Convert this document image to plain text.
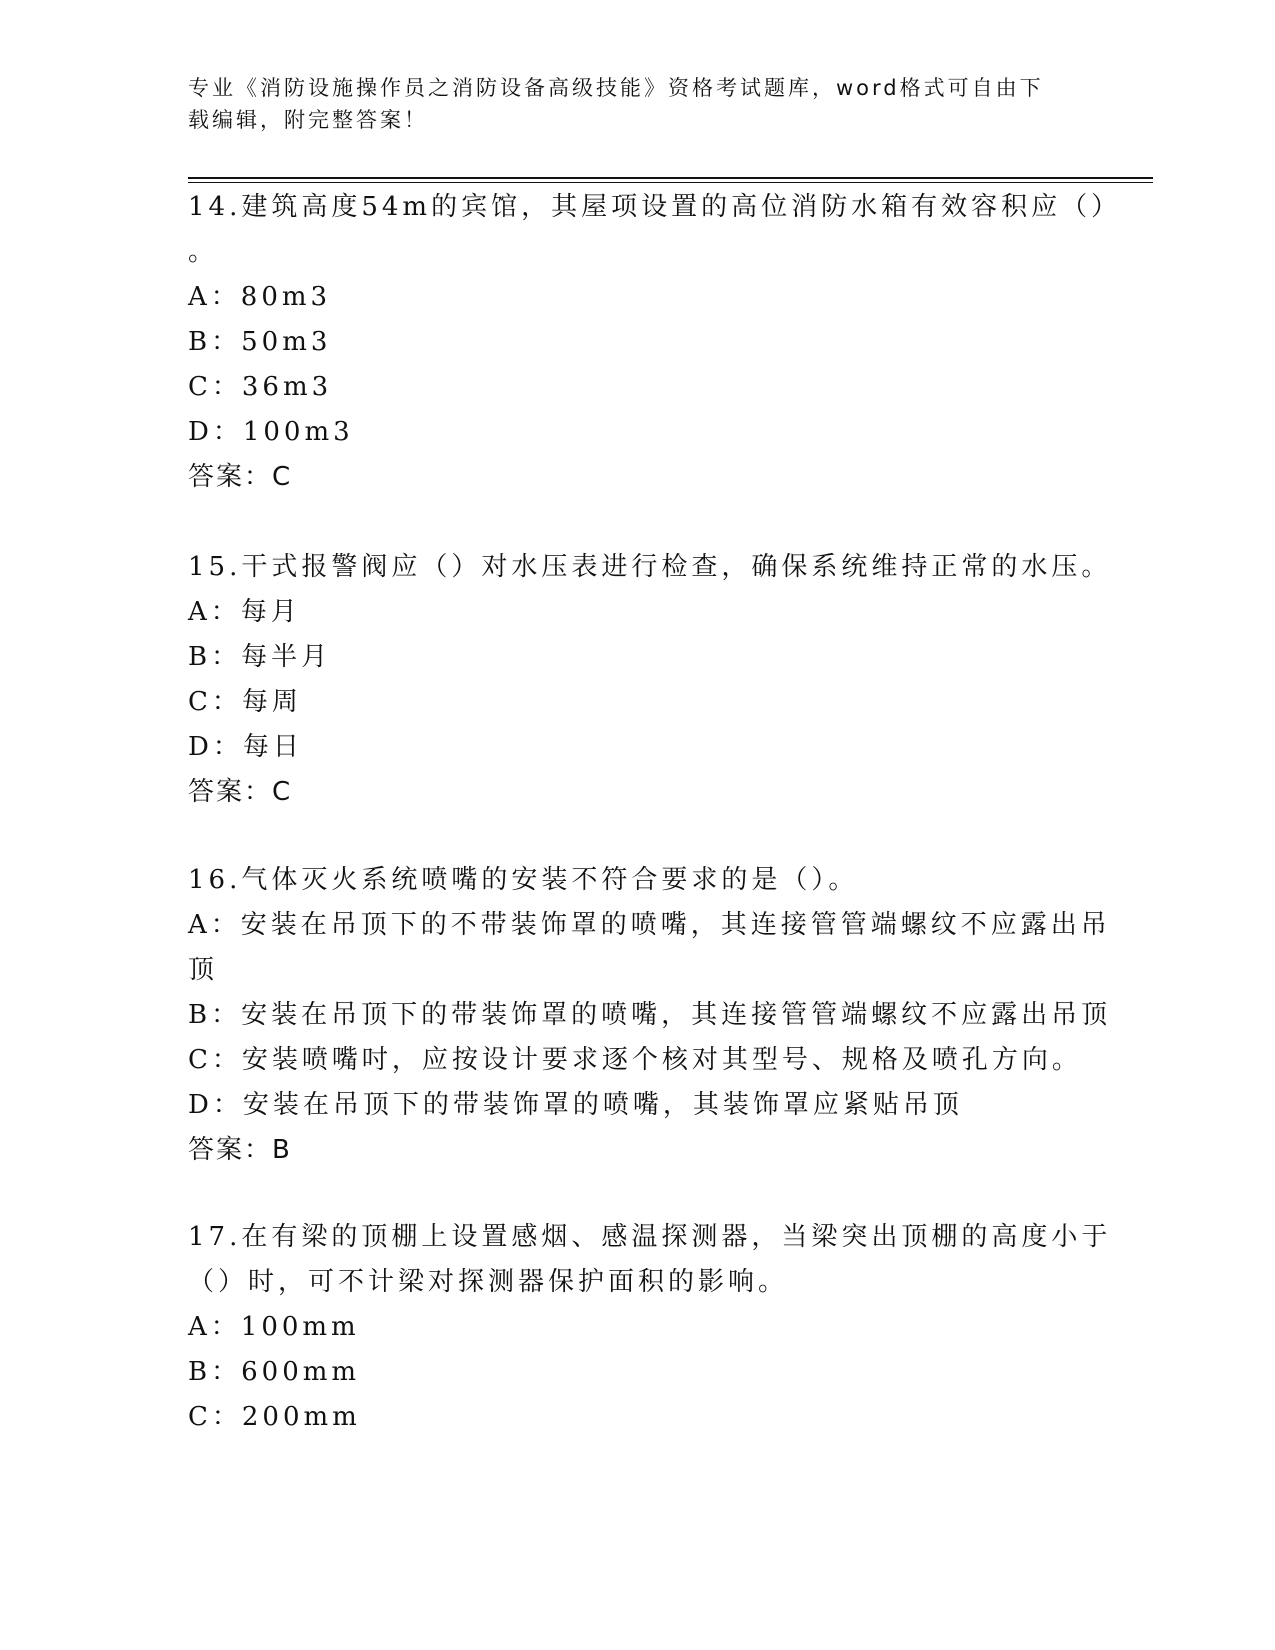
专业《消防设施操作员之消防设备高级技能》资格考试题库，word格式可自由下
载编辑，附完整答案！
14.建筑高度54m的宾馆，其屋项设置的高位消防水箱有效容积应（）
。
A：80m3
B：50m3
C：36m3
D：100m3
答案：C
15.干式报警阀应（）对水压表进行检查，确保系统维持正常的水压。
A：每月
B：每半月
C：每周
D：每日
答案：C
16.气体灭火系统喷嘴的安装不符合要求的是（）。
A：安装在吊顶下的不带装饰罩的喷嘴，其连接管管端螺纹不应露出吊
顶
B：安装在吊顶下的带装饰罩的喷嘴，其连接管管端螺纹不应露出吊顶
C：安装喷嘴吋，应按设计要求逐个核对其型号、规格及喷孔方向。
D：安装在吊顶下的带装饰罩的喷嘴，其装饰罩应紧贴吊顶
答案：B
17.在有梁的顶棚上设置感烟、感温探测器，当梁突出顶棚的高度小于
（）时，可不计梁对探测器保护面积的影响。
A：100mm
B：600mm
C：200mm
